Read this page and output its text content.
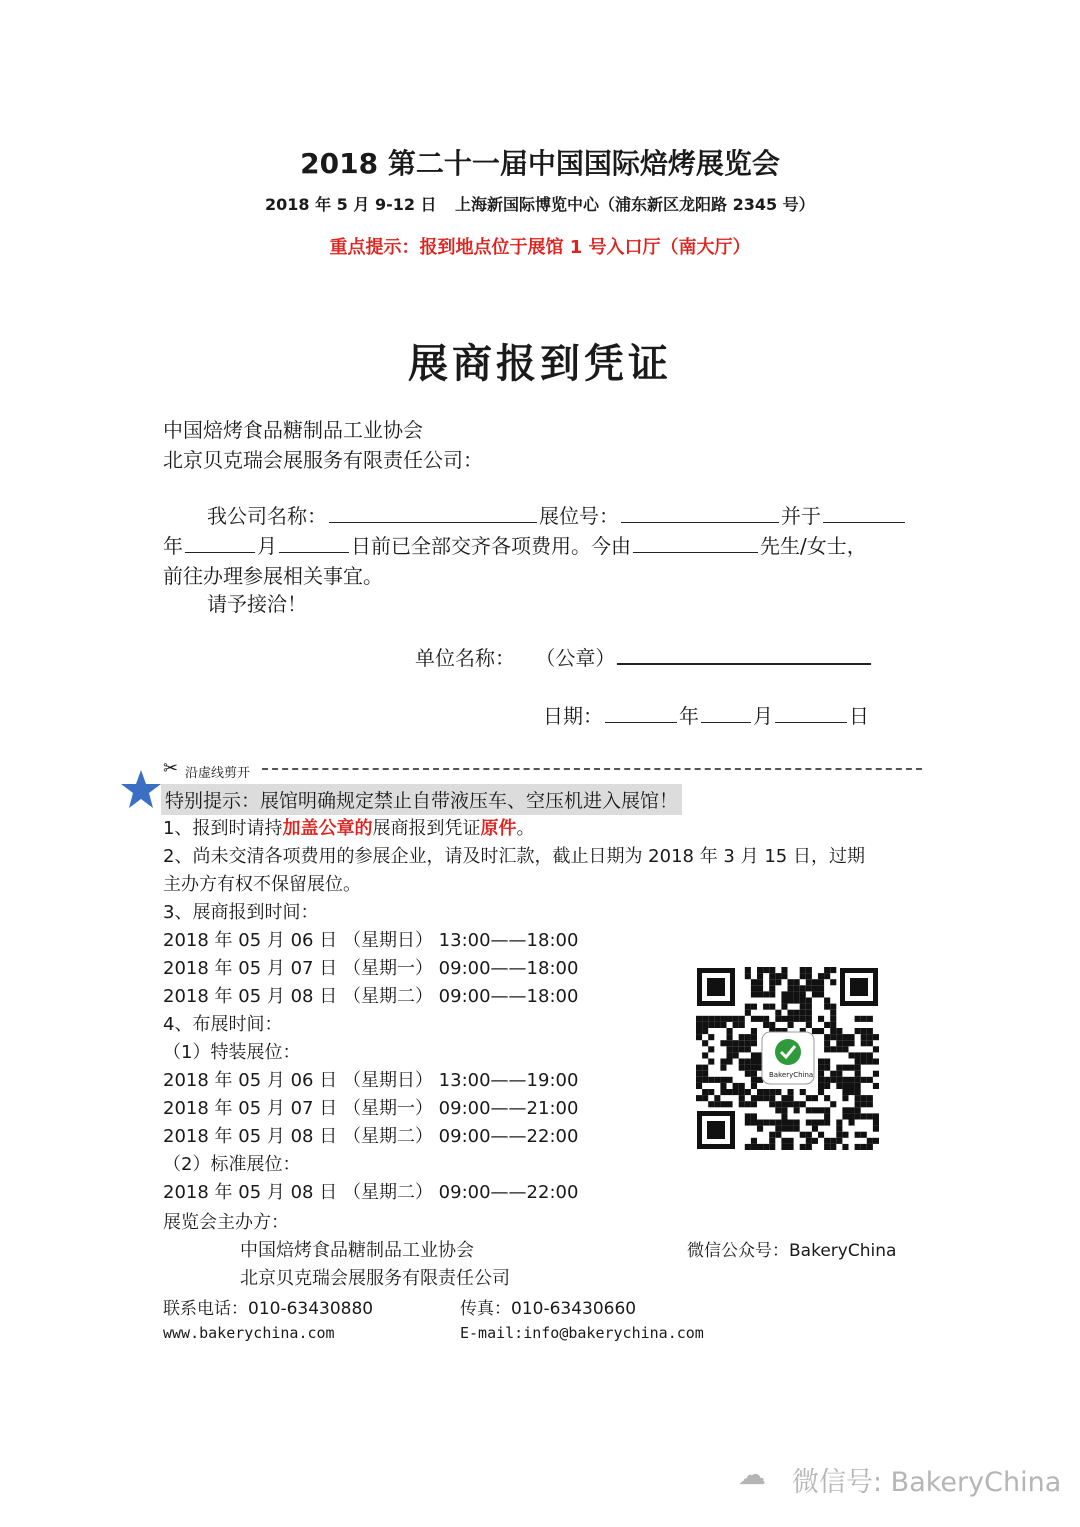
2018 第二十一届中国国际焙烤展览会
2018 年 5 月 9-12 日 上海新国际博览中心（浦东新区龙阳路 2345 号）
重点提示：报到地点位于展馆 1 号入口厅（南大厅）
展商报到凭证
中国焙烤食品糖制品工业协会
北京贝克瑞会展服务有限责任公司：
我公司名称：	展位号：	并于
年	月	日前已全部交齐各项费用。今由	先生/女士，
前往办理参展相关事宜。
请予接洽！
单位名称： （公章）
日期：	年	月	日
✂ 沿虚线剪开
特别提示：展馆明确规定禁止自带液压车、空压机进入展馆！
1、报到时请持加盖公章的展商报到凭证原件。
2、尚未交清各项费用的参展企业，请及时汇款，截止日期为 2018 年 3 月 15 日，过期
主办方有权不保留展位。
3、展商报到时间：
2018 年 05 月 06 日 （星期日） 13:00——18:00
2018 年 05 月 07 日 （星期一） 09:00——18:00
2018 年 05 月 08 日 （星期二） 09:00——18:00
4、布展时间：
（1）特装展位：
2018 年 05 月 06 日 （星期日） 13:00——19:00
2018 年 05 月 07 日 （星期一） 09:00——21:00
2018 年 05 月 08 日 （星期二） 09:00——22:00
（2）标准展位：
2018 年 05 月 08 日 （星期二） 09:00——22:00
展览会主办方：
中国焙烤食品糖制品工业协会
北京贝克瑞会展服务有限责任公司
微信公众号：BakeryChina
联系电话：010-63430880	传真：010-63430660
www.bakerychina.com	E-mail:info@bakerychina.com
BakeryChina
☁ 微信号: BakeryChina
